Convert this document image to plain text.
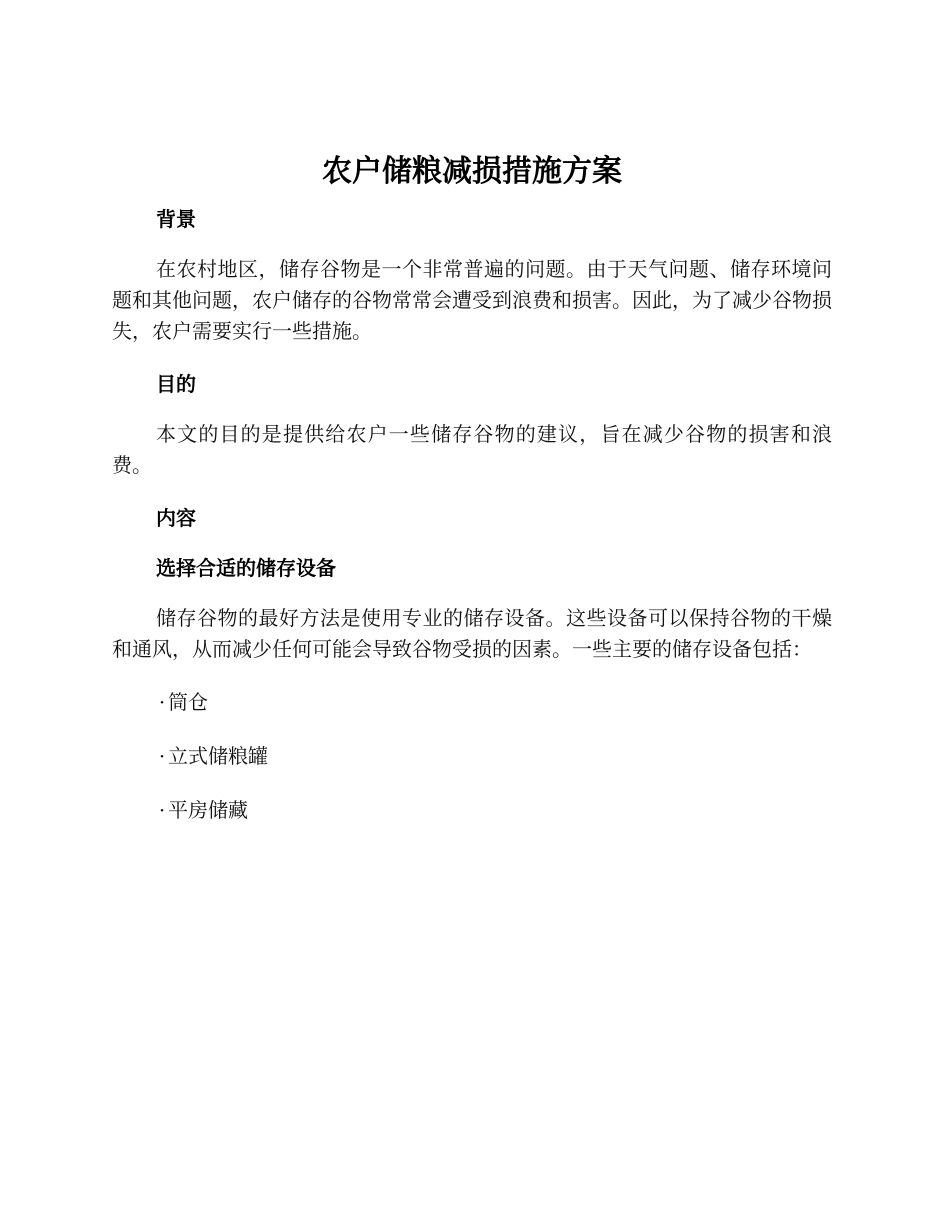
农户储粮减损措施方案
背景

在农村地区，储存谷物是一个非常普遍的问题。由于天气问题、储存环境问题和其他问题，农户储存的谷物常常会遭受到浪费和损害。因此，为了减少谷物损失，农户需要实行一些措施。

目的

本文的目的是提供给农户一些储存谷物的建议，旨在减少谷物的损害和浪费。

内容
选择合适的储存设备

储存谷物的最好方法是使用专业的储存设备。这些设备可以保持谷物的干燥和通风，从而减少任何可能会导致谷物受损的因素。一些主要的储存设备包括：

· 筒仓
· 立式储粮罐
· 平房储藏
